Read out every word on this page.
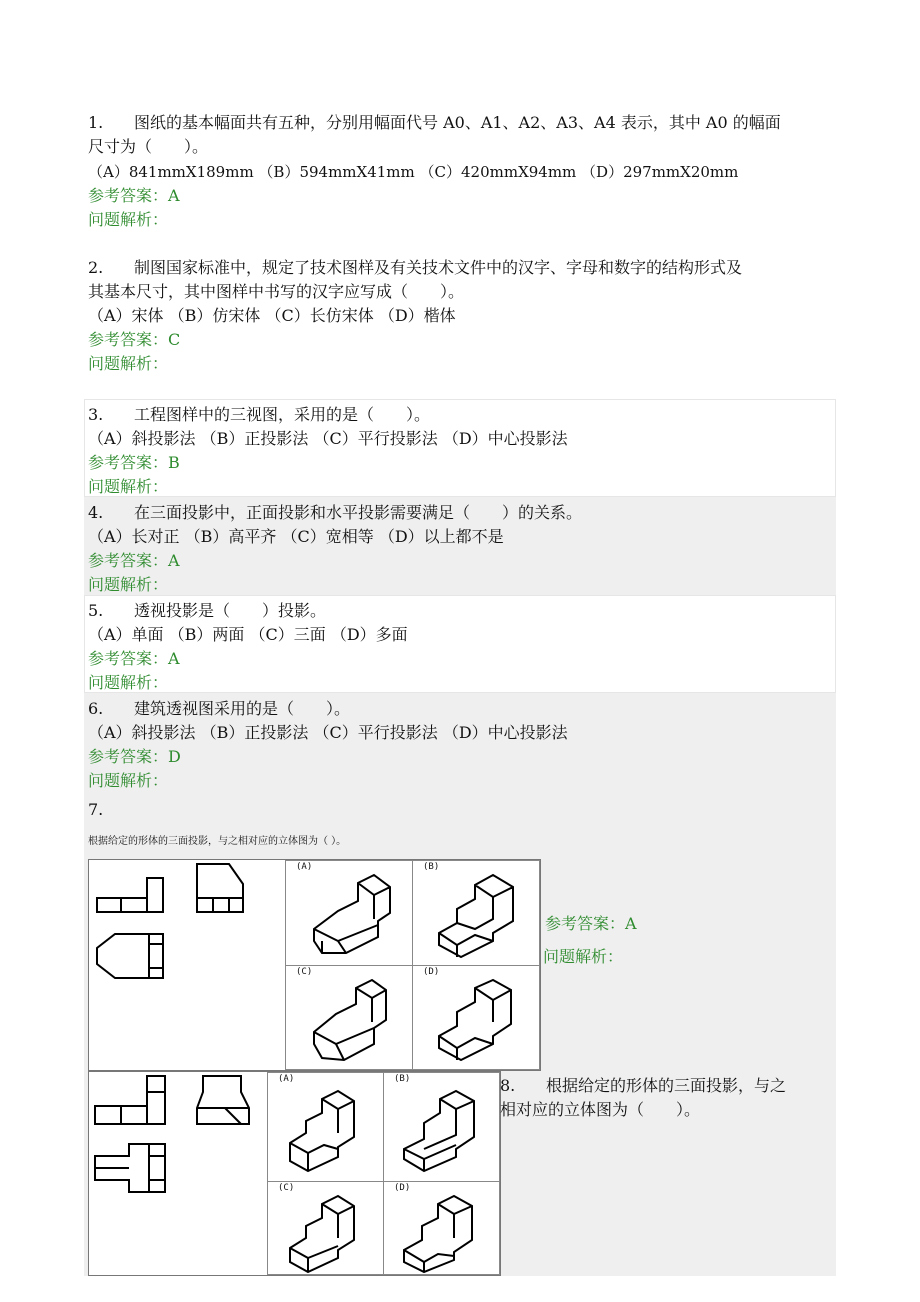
1. 图纸的基本幅面共有五种，分别用幅面代号 A0、A1、A2、A3、A4 表示，其中 A0 的幅面
尺寸为（　　）。
（A）841mmX189mm （B）594mmX41mm （C）420mmX94mm （D）297mmX20mm
参考答案：A
问题解析：
2. 制图国家标准中，规定了技术图样及有关技术文件中的汉字、字母和数字的结构形式及
其基本尺寸，其中图样中书写的汉字应写成（　　）。
（A）宋体 （B）仿宋体 （C）长仿宋体 （D）楷体
参考答案：C
问题解析：
3. 工程图样中的三视图，采用的是（　　）。
（A）斜投影法 （B）正投影法 （C）平行投影法 （D）中心投影法
参考答案：B
问题解析：
4. 在三面投影中，正面投影和水平投影需要满足（　　）的关系。
（A）长对正 （B）高平齐 （C）宽相等 （D）以上都不是
参考答案：A
问题解析：
5. 透视投影是（　　）投影。
（A）单面 （B）两面 （C）三面 （D）多面
参考答案：A
问题解析：
6. 建筑透视图采用的是（　　）。
（A）斜投影法 （B）正投影法 （C）平行投影法 （D）中心投影法
参考答案：D
问题解析：
7.
根据给定的形体的三面投影，与之相对应的立体图为（ ）。
(A)	(B)
(C)	(D)
参考答案：A
问题解析：
(A)	(B)
(C)	(D)
8. 根据给定的形体的三面投影，与之
相对应的立体图为（　　）。
